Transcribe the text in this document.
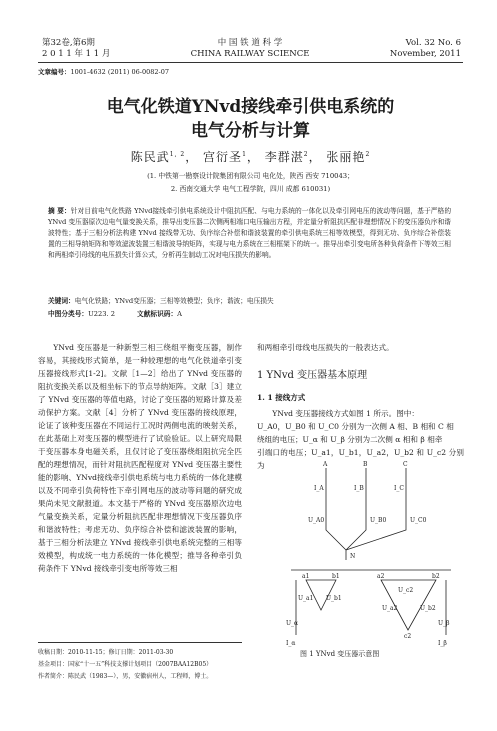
第32卷,第6期
2 0 1 1 年 1 1 月
中 国 铁 道 科 学
CHINA RAILWAY SCIENCE
Vol. 32 No. 6
November, 2011
文章编号：1001-4632 (2011) 06-0082-07
电气化铁道YNvd接线牵引供电系统的
电气分析与计算
陈民武$^{1, 2}$， 宫衍圣$^1$， 李群湛$^2$， 张丽艳$^2$
(1. 中铁第一勘察设计院集团有限公司 电化处，陕西 西安 710043；
2. 西南交通大学 电气工程学院，四川 成都 610031)
摘 要：针对目前电气化铁路 YNvd接线牵引供电系统设计中阻抗匹配、与电力系统的一体化以及牵引网电压的波动等问题，基于严格的 YNvd 变压器原次边电气量变换关系，推导出变压器二次侧两相端口电压输出方程，并定量分析阻抗匹配非理想情况下的变压器负序和谐波特性；基于三相分析法构建 YNvd 接线带无功、负序综合补偿和谐波装置的牵引供电系统三相等效模型，得到无功、负序综合补偿装置的三相导纳矩阵和等效滤波装置三相谐波导纳矩阵，实现与电力系统在三相框架下的统一。推导出牵引变电所各种负荷条件下等效三相和两相牵引母线的电压损失计算公式，分析再生制动工况对电压损失的影响。
关键词：电气化铁路；YNvd变压器；三相等效模型；负序；谐波；电压损失
中图分类号：U223. 2	文献标识码：A
YNvd 变压器是一种新型三相三绕组平衡变压器，制作容易，其接线形式简单，是一种较理想的电气化铁道牵引变压器接线形式[1-2]。文献［1—2］给出了 YNvd 变压器的阻抗变换关系以及相坐标下的节点导纳矩阵。文献［3］建立了 YNvd 变压器的等值电路，讨论了变压器的短路计算及差动保护方案。文献［4］分析了 YNvd 变压器的接线原理，论证了该种变压器在不同运行工况时两侧电流的映射关系，在此基础上对变压器的模型进行了试验验证。以上研究局限于变压器本身电磁关系，且仅讨论了变压器绕组阻抗完全匹配的理想情况，而针对阻抗匹配程度对 YNvd 变压器主要性能的影响、YNvd接线牵引供电系统与电力系统的一体化建模以及不同牵引负荷特性下牵引网电压的波动等问题的研究成果尚未见文献报道。本文基于严格的 YNvd 变压器原次边电气量变换关系，定量分析阻抗匹配非理想情况下变压器负序和谐波特性；考虑无功、负序综合补偿和滤波装置的影响，基于三相分析法建立 YNvd 接线牵引供电系统完整的三相等效模型，构成统一电力系统的一体化模型；推导各种牵引负荷条件下 YNvd 接线牵引变电所等效三相
和两相牵引母线电压损失的一般表达式。
1 YNvd 变压器基本原理
1. 1 接线方式
YNvd 变压器接线方式如图 1 所示。图中：
U_A0，U_B0 和 U_C0 分别为一次侧 A 相、B 相和 C 相
绕组的电压；U_α 和 U_β 分别为二次侧 α 相和 β 相牵
引端口的电压；U_a1，U_b1，U_a2，U_b2 和 U_c2 分别为	A	B	C
I_A	I_B	I_C
U_A0	U_B0	U_C0
N
a1	b1	a2	b2
c2
U_a1 U_b1
U_a2	U_b2
U_c2
U_α	U_β
I_α	I_β
图 1 YNvd 变压器示意图
收稿日期：2010-11-15；修订日期：2011-03-30
基金项目：国家“十一五”科技支撑计划项目（2007BAA12B05）
作者简介：陈民武（1983—），男，安徽宿州人，工程师，博士。
